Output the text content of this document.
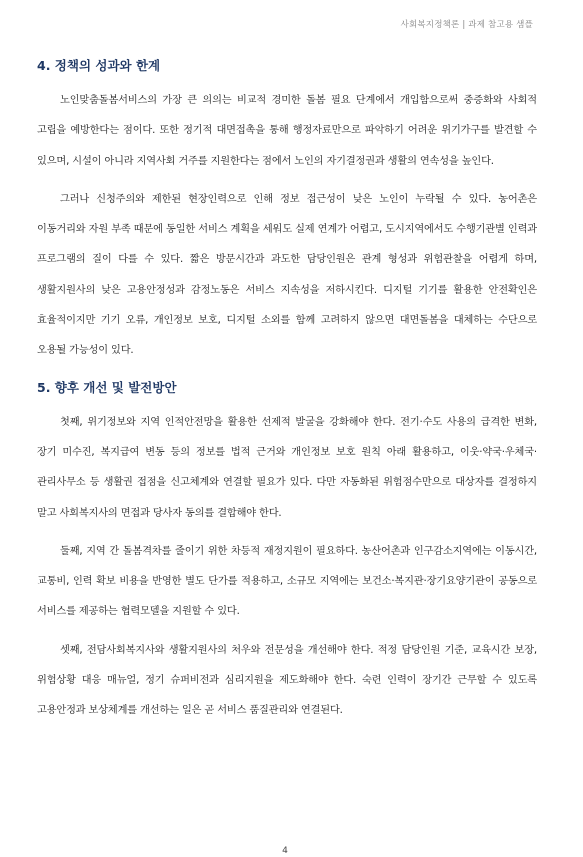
사회복지정책론 | 과제 참고용 샘플
4. 정책의 성과와 한계

노인맞춤돌봄서비스의 가장 큰 의의는 비교적 경미한 돌봄 필요 단계에서 개입함으로써 중증화와 사회적 고립을 예방한다는 점이다. 또한 정기적 대면접촉을 통해 행정자료만으로 파악하기 어려운 위기가구를 발견할 수 있으며, 시설이 아니라 지역사회 거주를 지원한다는 점에서 노인의 자기결정권과 생활의 연속성을 높인다.

그러나 신청주의와 제한된 현장인력으로 인해 정보 접근성이 낮은 노인이 누락될 수 있다. 농어촌은 이동거리와 자원 부족 때문에 동일한 서비스 계획을 세워도 실제 연계가 어렵고, 도시지역에서도 수행기관별 인력과 프로그램의 질이 다를 수 있다. 짧은 방문시간과 과도한 담당인원은 관계 형성과 위험관찰을 어렵게 하며, 생활지원사의 낮은 고용안정성과 감정노동은 서비스 지속성을 저하시킨다. 디지털 기기를 활용한 안전확인은 효율적이지만 기기 오류, 개인정보 보호, 디지털 소외를 함께 고려하지 않으면 대면돌봄을 대체하는 수단으로 오용될 가능성이 있다.

5. 향후 개선 및 발전방안

첫째, 위기정보와 지역 인적안전망을 활용한 선제적 발굴을 강화해야 한다. 전기·수도 사용의 급격한 변화, 장기 미수진, 복지급여 변동 등의 정보를 법적 근거와 개인정보 보호 원칙 아래 활용하고, 이웃·약국·우체국·관리사무소 등 생활권 접점을 신고체계와 연결할 필요가 있다. 다만 자동화된 위험점수만으로 대상자를 결정하지 말고 사회복지사의 면접과 당사자 동의를 결합해야 한다.

둘째, 지역 간 돌봄격차를 줄이기 위한 차등적 재정지원이 필요하다. 농산어촌과 인구감소지역에는 이동시간, 교통비, 인력 확보 비용을 반영한 별도 단가를 적용하고, 소규모 지역에는 보건소·복지관·장기요양기관이 공동으로 서비스를 제공하는 협력모델을 지원할 수 있다.

셋째, 전담사회복지사와 생활지원사의 처우와 전문성을 개선해야 한다. 적정 담당인원 기준, 교육시간 보장, 위험상황 대응 매뉴얼, 정기 슈퍼비전과 심리지원을 제도화해야 한다. 숙련 인력이 장기간 근무할 수 있도록 고용안정과 보상체계를 개선하는 일은 곧 서비스 품질관리와 연결된다.

4
